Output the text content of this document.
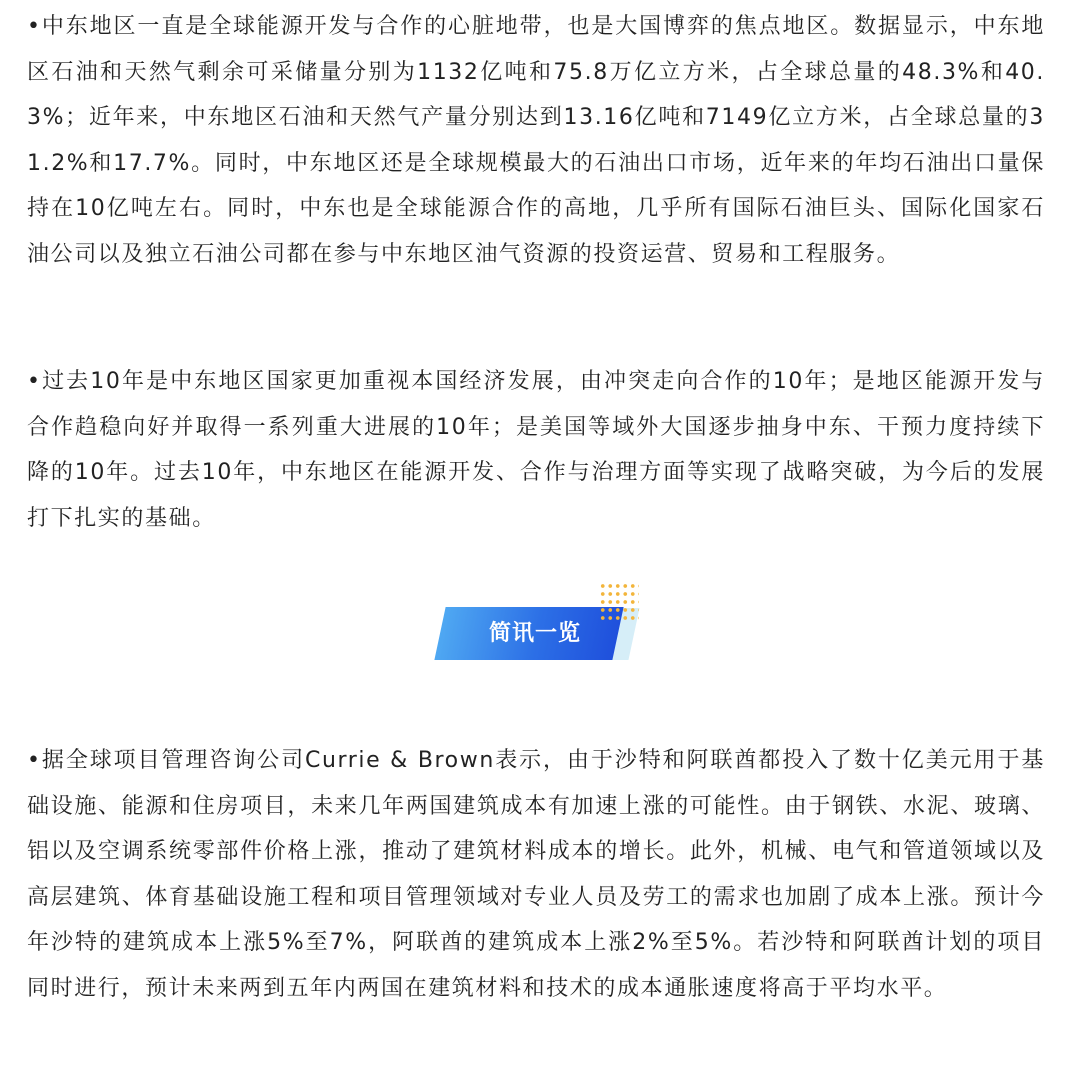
•中东地区一直是全球能源开发与合作的心脏地带，也是大国博弈的焦点地区。数据显示，中东地区石油和天然气剩余可采储量分别为1132亿吨和75.8万亿立方米，占全球总量的48.3%和40.3%；近年来，中东地区石油和天然气产量分别达到13.16亿吨和7149亿立方米，占全球总量的31.2%和17.7%。同时，中东地区还是全球规模最大的石油出口市场，近年来的年均石油出口量保持在10亿吨左右。同时，中东也是全球能源合作的高地，几乎所有国际石油巨头、国际化国家石油公司以及独立石油公司都在参与中东地区油气资源的投资运营、贸易和工程服务。

•过去10年是中东地区国家更加重视本国经济发展，由冲突走向合作的10年；是地区能源开发与合作趋稳向好并取得一系列重大进展的10年；是美国等域外大国逐步抽身中东、干预力度持续下降的10年。过去10年，中东地区在能源开发、合作与治理方面等实现了战略突破，为今后的发展打下扎实的基础。

简讯一览

•据全球项目管理咨询公司Currie & Brown表示，由于沙特和阿联酋都投入了数十亿美元用于基础设施、能源和住房项目，未来几年两国建筑成本有加速上涨的可能性。由于钢铁、水泥、玻璃、铝以及空调系统零部件价格上涨，推动了建筑材料成本的增长。此外，机械、电气和管道领域以及高层建筑、体育基础设施工程和项目管理领域对专业人员及劳工的需求也加剧了成本上涨。预计今年沙特的建筑成本上涨5%至7%，阿联酋的建筑成本上涨2%至5%。若沙特和阿联酋计划的项目同时进行，预计未来两到五年内两国在建筑材料和技术的成本通胀速度将高于平均水平。
